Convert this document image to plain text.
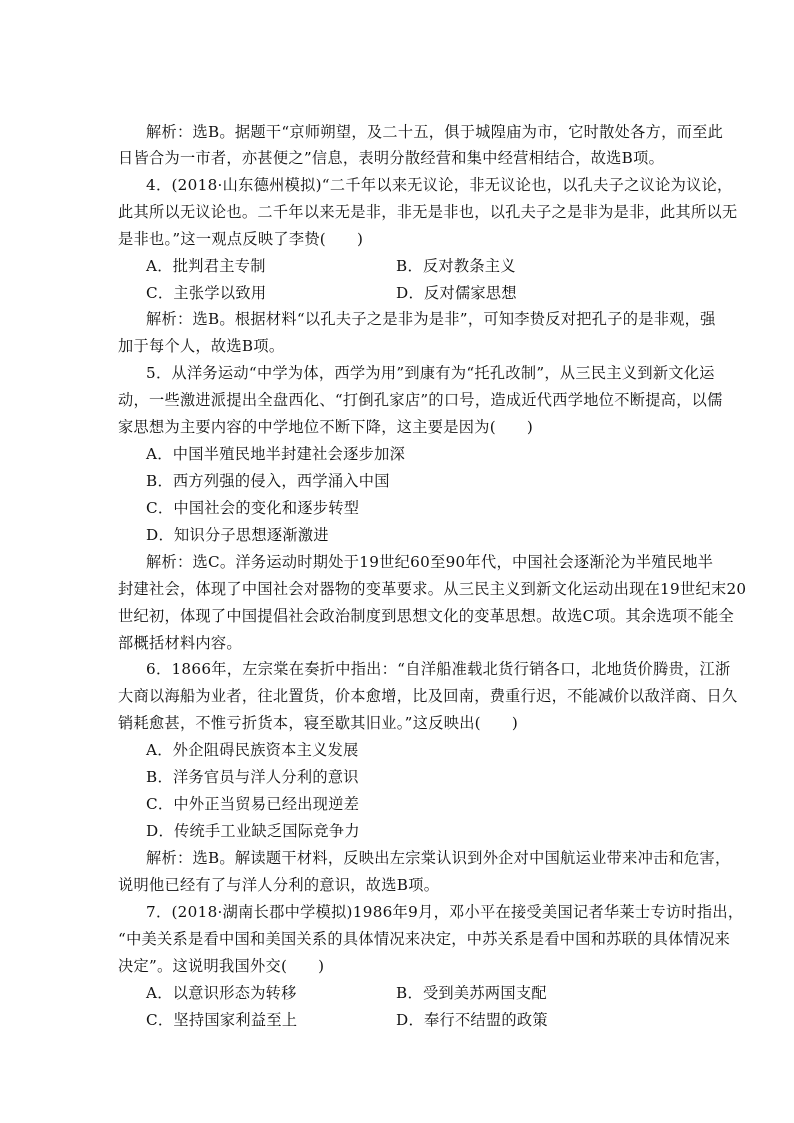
解析：选B。据题干“京师朔望，及二十五，俱于城隍庙为市，它时散处各方，而至此
日皆合为一市者，亦甚便之”信息，表明分散经营和集中经营相结合，故选B项。
4．(2018·山东德州模拟)“二千年以来无议论，非无议论也，以孔夫子之议论为议论，
此其所以无议论也。二千年以来无是非，非无是非也，以孔夫子之是非为是非，此其所以无
是非也。”这一观点反映了李贽(　　)
A．批判君主专制	B．反对教条主义
C．主张学以致用	D．反对儒家思想
解析：选B。根据材料“以孔夫子之是非为是非”，可知李贽反对把孔子的是非观，强
加于每个人，故选B项。
5．从洋务运动“中学为体，西学为用”到康有为“托孔改制”，从三民主义到新文化运
动，一些激进派提出全盘西化、“打倒孔家店”的口号，造成近代西学地位不断提高，以儒
家思想为主要内容的中学地位不断下降，这主要是因为(　　)
A．中国半殖民地半封建社会逐步加深
B．西方列强的侵入，西学涌入中国
C．中国社会的变化和逐步转型
D．知识分子思想逐渐激进
解析：选C。洋务运动时期处于19世纪60至90年代，中国社会逐渐沦为半殖民地半
封建社会，体现了中国社会对器物的变革要求。从三民主义到新文化运动出现在19世纪末20
世纪初，体现了中国提倡社会政治制度到思想文化的变革思想。故选C项。其余选项不能全
部概括材料内容。
6．1866年，左宗棠在奏折中指出：“自洋船准载北货行销各口，北地货价腾贵，江浙
大商以海船为业者，往北置货，价本愈增，比及回南，费重行迟，不能减价以敌洋商、日久
销耗愈甚，不惟亏折货本，寝至歇其旧业。”这反映出(　　)
A．外企阻碍民族资本主义发展
B．洋务官员与洋人分利的意识
C．中外正当贸易已经出现逆差
D．传统手工业缺乏国际竞争力
解析：选B。解读题干材料，反映出左宗棠认识到外企对中国航运业带来冲击和危害，
说明他已经有了与洋人分利的意识，故选B项。
7．(2018·湖南长郡中学模拟)1986年9月，邓小平在接受美国记者华莱士专访时指出，
“中美关系是看中国和美国关系的具体情况来决定，中苏关系是看中国和苏联的具体情况来
决定”。这说明我国外交(　　)
A．以意识形态为转移	B．受到美苏两国支配
C．坚持国家利益至上	D．奉行不结盟的政策
